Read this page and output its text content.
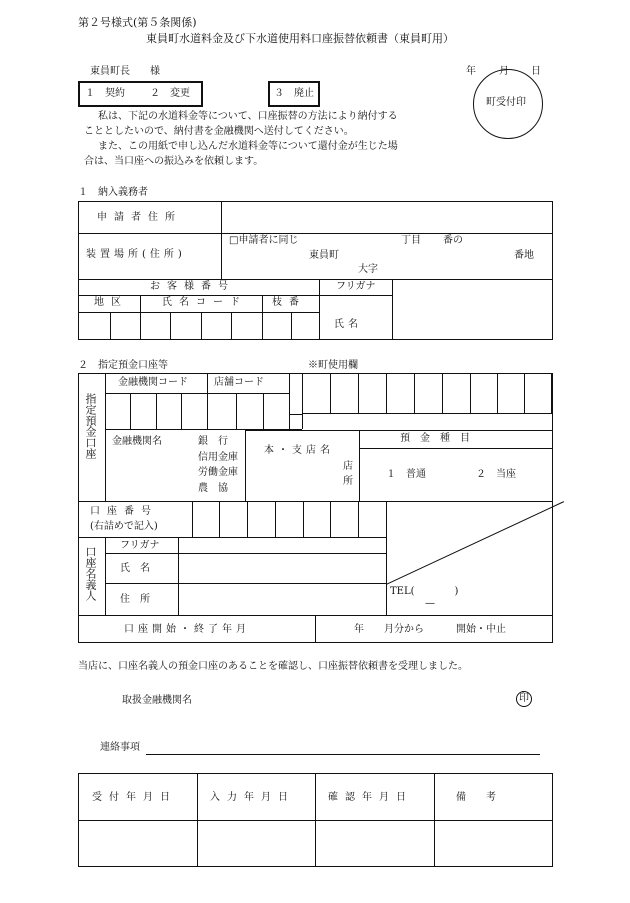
第２号様式(第５条関係)
東員町水道料金及び下水道使用料口座振替依頼書（東員町用）
東員町長　　様	年 月 日
町受付印
１　契約	２　変更	３　廃止
私は、下記の水道料金等について、口座振替の方法により納付する
こととしたいので、納付書を金融機関へ送付してください。
また、この用紙で申し込んだ水道料金等について還付金が生じた場
合は、当口座への振込みを依頼します。
１　納入義務者
申請者住所
装置場所(住所)
□申請者に同じ	丁目 番の
東員町	番地
大字
お客様番号	フリガナ
地区	氏名コード	枝番
氏名
２　指定預金口座等	※町使用欄
指定預金口座
金融機関コード	店舗コード
金融機関名	銀　行
信用金庫
労働金庫
農　協
本・支店名
店
所
預　金　種　目
１　普通	２　当座
口座番号
(右詰めで記入)
口座名義人
フリガナ
氏　名
住　所
TEL(　　　　)
—
口座開始・終了年月	年　　月分から	開始・中止
当店に、口座名義人の預金口座のあることを確認し、口座振替依頼書を受理しました。
取扱金融機関名	印
連絡事項
受付年月日	入力年月日	確認年月日	備　　考
